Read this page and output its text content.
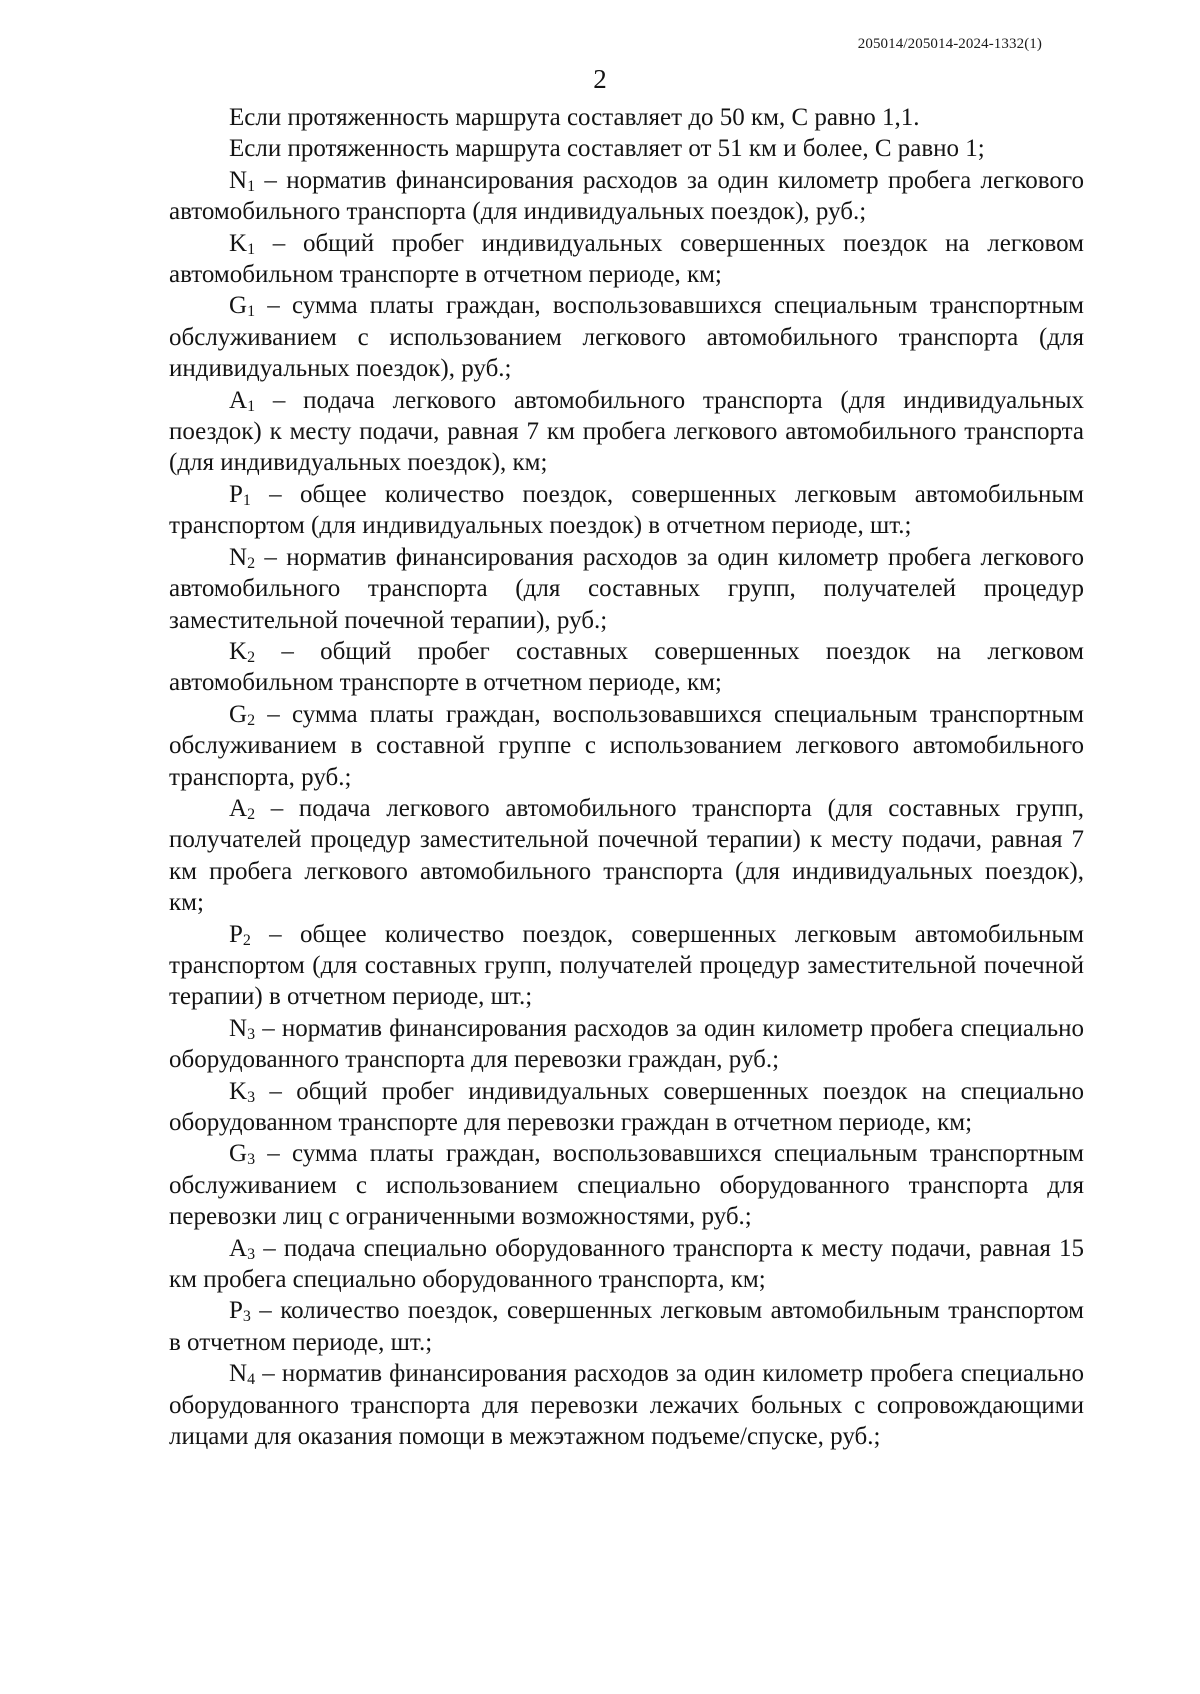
205014/205014-2024-1332(1)
2

Если протяженность маршрута составляет до 50 км, С равно 1,1.

Если протяженность маршрута составляет от 51 км и более, С равно 1;

$N_1$ – норматив финансирования расходов за один километр пробега легкового автомобильного транспорта (для индивидуальных поездок), руб.;

$K_1$ – общий пробег индивидуальных совершенных поездок на легковом автомобильном транспорте в отчетном периоде, км;

$G_1$ – сумма платы граждан, воспользовавшихся специальным транспортным обслуживанием с использованием легкового автомобильного транспорта (для индивидуальных поездок), руб.;

$A_1$ – подача легкового автомобильного транспорта (для индивидуальных поездок) к месту подачи, равная 7 км пробега легкового автомобильного транспорта (для индивидуальных поездок), км;

$P_1$ – общее количество поездок, совершенных легковым автомобильным транспортом (для индивидуальных поездок) в отчетном периоде, шт.;

$N_2$ – норматив финансирования расходов за один километр пробега легкового автомобильного транспорта (для составных групп, получателей процедур заместительной почечной терапии), руб.;

$K_2$ – общий пробег составных совершенных поездок на легковом автомобильном транспорте в отчетном периоде, км;

$G_2$ – сумма платы граждан, воспользовавшихся специальным транспортным обслуживанием в составной группе с использованием легкового автомобильного транспорта, руб.;

$A_2$ – подача легкового автомобильного транспорта (для составных групп, получателей процедур заместительной почечной терапии) к месту подачи, равная 7 км пробега легкового автомобильного транспорта (для индивидуальных поездок), км;

$P_2$ – общее количество поездок, совершенных легковым автомобильным транспортом (для составных групп, получателей процедур заместительной почечной терапии) в отчетном периоде, шт.;

$N_3$ – норматив финансирования расходов за один километр пробега специально оборудованного транспорта для перевозки граждан, руб.;

$K_3$ – общий пробег индивидуальных совершенных поездок на специально оборудованном транспорте для перевозки граждан в отчетном периоде, км;

$G_3$ – сумма платы граждан, воспользовавшихся специальным транспортным обслуживанием с использованием специально оборудованного транспорта для перевозки лиц с ограниченными возможностями, руб.;

$A_3$ – подача специально оборудованного транспорта к месту подачи, равная 15 км пробега специально оборудованного транспорта, км;

$P_3$ – количество поездок, совершенных легковым автомобильным транспортом в отчетном периоде, шт.;

$N_4$ – норматив финансирования расходов за один километр пробега специально оборудованного транспорта для перевозки лежачих больных с сопровождающими лицами для оказания помощи в межэтажном подъеме/спуске, руб.;
